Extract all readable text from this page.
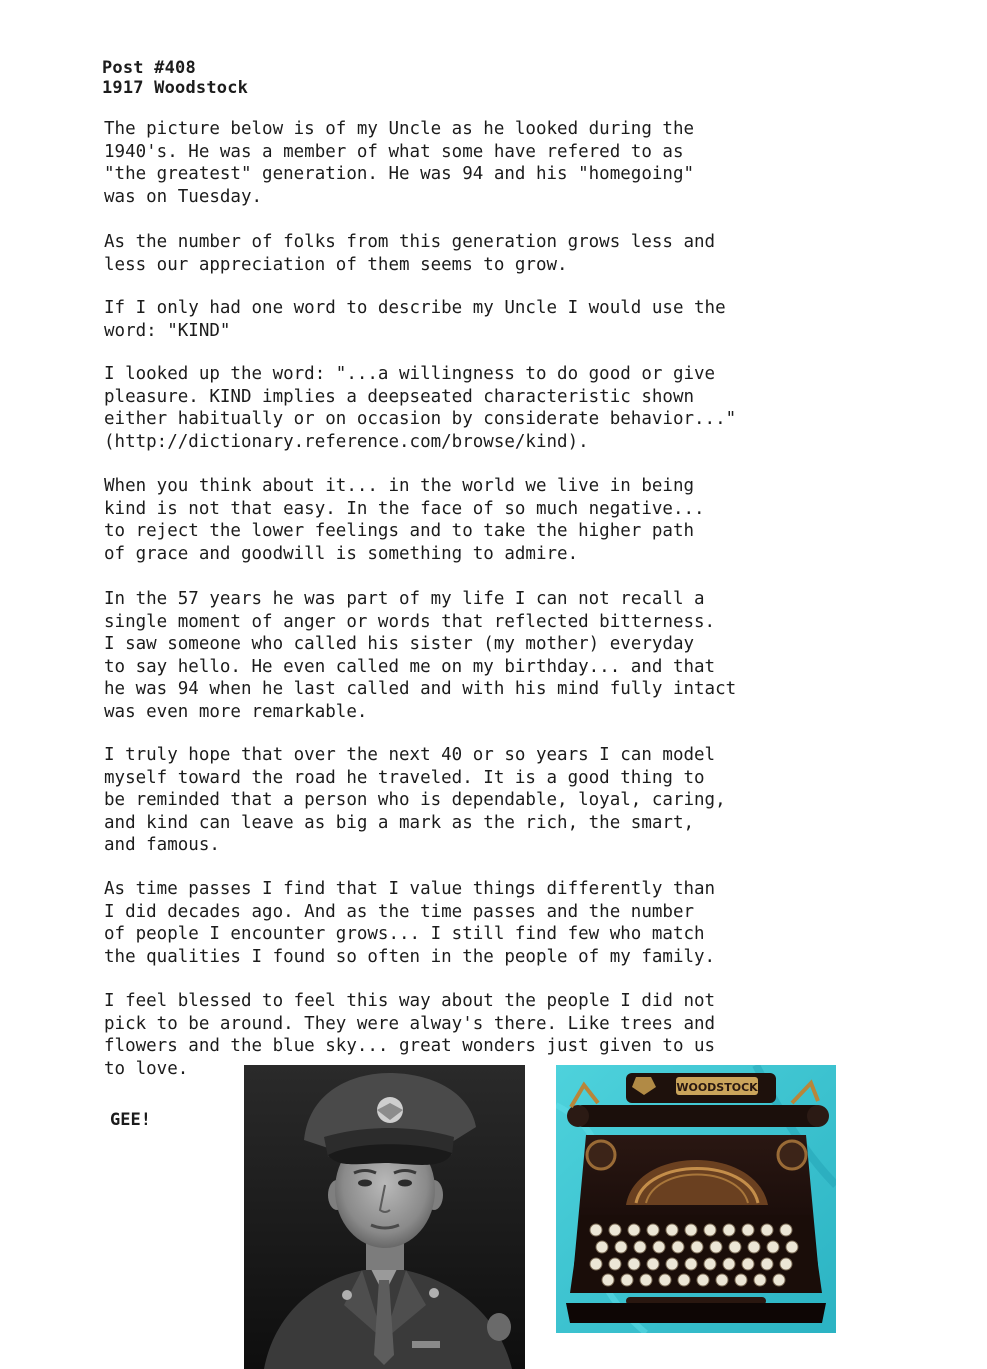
Post #408
1917 Woodstock
The picture below is of my Uncle as he looked during the
1940's. He was a member of what some have refered to as
"the greatest" generation. He was 94 and his "homegoing"
was on Tuesday.
As the number of folks from this generation grows less and
less our appreciation of them seems to grow.
If I only had one word to describe my Uncle I would use the
word: "KIND"
I looked up the word: "...a willingness to do good or give
pleasure. KIND implies a deepseated characteristic shown
either habitually or on occasion by considerate behavior..."
(http://dictionary.reference.com/browse/kind).
When you think about it... in the world we live in being
kind is not that easy. In the face of so much negative...
to reject the lower feelings and to take the higher path
of grace and goodwill is something to admire.
In the 57 years he was part of my life I can not recall a
single moment of anger or words that reflected bitterness.
I saw someone who called his sister (my mother) everyday
to say hello. He even called me on my birthday... and that
he was 94 when he last called and with his mind fully intact
was even more remarkable.
I truly hope that over the next 40 or so years I can model
myself toward the road he traveled. It is a good thing to
be reminded that a person who is dependable, loyal, caring,
and kind can leave as big a mark as the rich, the smart,
and famous.
As time passes I find that I value things differently than
I did decades ago. And as the time passes and the number
of people I encounter grows... I still find few who match
the qualities I found so often in the people of my family.
I feel blessed to feel this way about the people I did not
pick to be around. They were alway's there. Like trees and
flowers and the blue sky... great wonders just given to us
to love.
GEE!
WOODSTOCK
